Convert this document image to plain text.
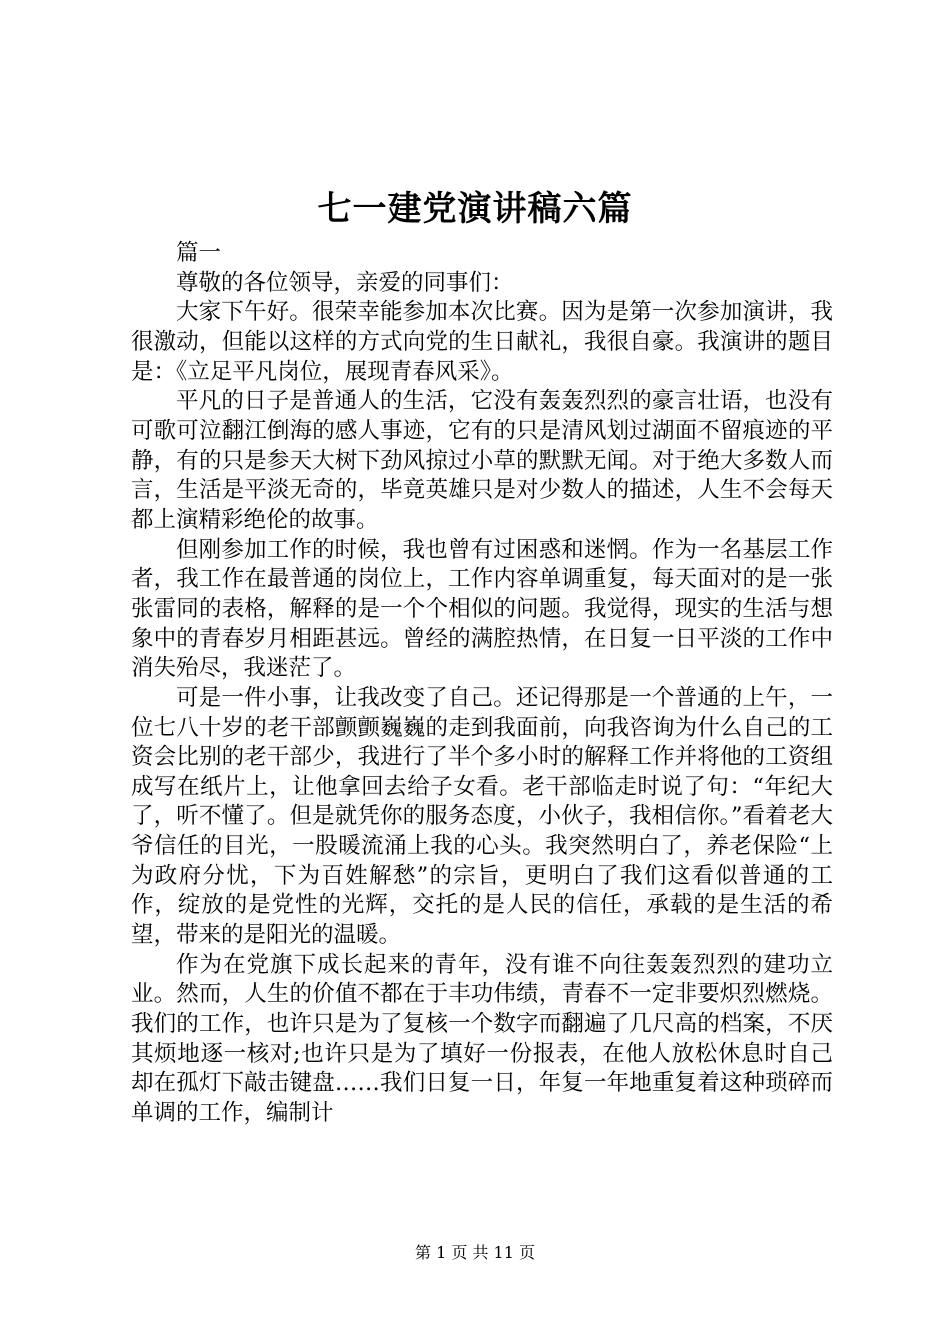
七一建党演讲稿六篇

篇一

尊敬的各位领导，亲爱的同事们：

大家下午好。很荣幸能参加本次比赛。因为是第一次参加演讲，我很激动，但能以这样的方式向党的生日献礼，我很自豪。我演讲的题目是：《立足平凡岗位，展现青春风采》。

平凡的日子是普通人的生活，它没有轰轰烈烈的豪言壮语，也没有可歌可泣翻江倒海的感人事迹，它有的只是清风划过湖面不留痕迹的平静，有的只是参天大树下劲风掠过小草的默默无闻。对于绝大多数人而言，生活是平淡无奇的，毕竟英雄只是对少数人的描述，人生不会每天都上演精彩绝伦的故事。

但刚参加工作的时候，我也曾有过困惑和迷惘。作为一名基层工作者，我工作在最普通的岗位上，工作内容单调重复，每天面对的是一张张雷同的表格，解释的是一个个相似的问题。我觉得，现实的生活与想象中的青春岁月相距甚远。曾经的满腔热情，在日复一日平淡的工作中消失殆尽，我迷茫了。

可是一件小事，让我改变了自己。还记得那是一个普通的上午，一位七八十岁的老干部颤颤巍巍的走到我面前，向我咨询为什么自己的工资会比别的老干部少，我进行了半个多小时的解释工作并将他的工资组成写在纸片上，让他拿回去给子女看。老干部临走时说了句：“年纪大了，听不懂了。但是就凭你的服务态度，小伙子，我相信你。”看着老大爷信任的目光，一股暖流涌上我的心头。我突然明白了，养老保险“上为政府分忧，下为百姓解愁”的宗旨，更明白了我们这看似普通的工作，绽放的是党性的光辉，交托的是人民的信任，承载的是生活的希望，带来的是阳光的温暖。

作为在党旗下成长起来的青年，没有谁不向往轰轰烈烈的建功立业。然而，人生的价值不都在于丰功伟绩，青春不一定非要炽烈燃烧。我们的工作，也许只是为了复核一个数字而翻遍了几尺高的档案，不厌其烦地逐一核对;也许只是为了填好一份报表，在他人放松休息时自己却在孤灯下敲击键盘……我们日复一日，年复一年地重复着这种琐碎而单调的工作，编制计

第 1 页 共 11 页
